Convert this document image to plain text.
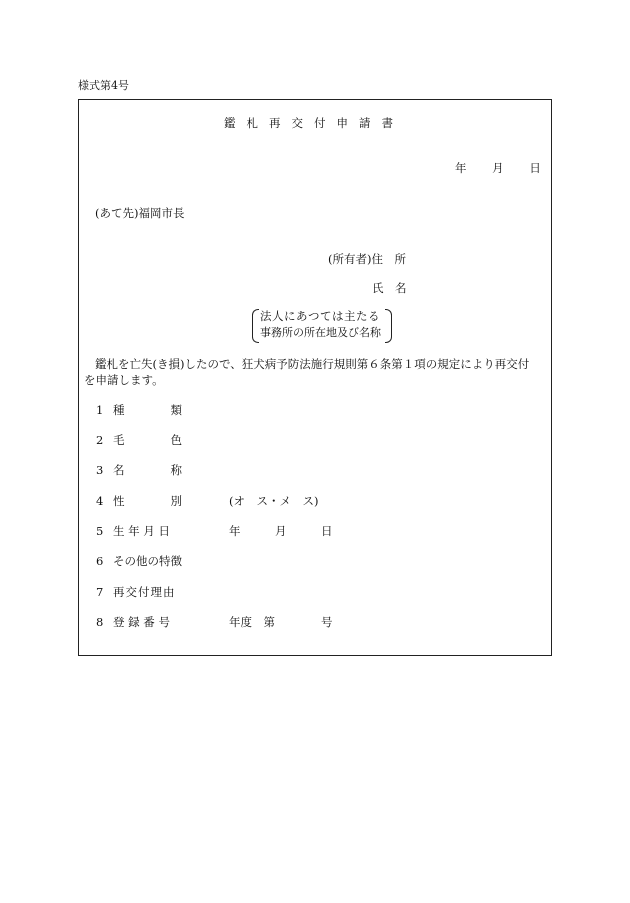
様式第4号
鑑札再交付申請書
年 月 日
(あて先)福岡市長
(所有者)住　所
氏　名
法人にあつては主たる
事務所の所在地及び名称
鑑札を亡失(き損)したので、狂犬病予防法施行規則第６条第１項の規定により再交付
を申請します。
1 種　　　　類
2 毛　　　　色
3 名　　　　称
4 性　　　　別	(オ　ス・メ　ス)
5 生 年 月 日	年　　　月　　　日
6 その他の特徴
7 再交付理由
8 登 録 番 号	年度　第　　　　号
